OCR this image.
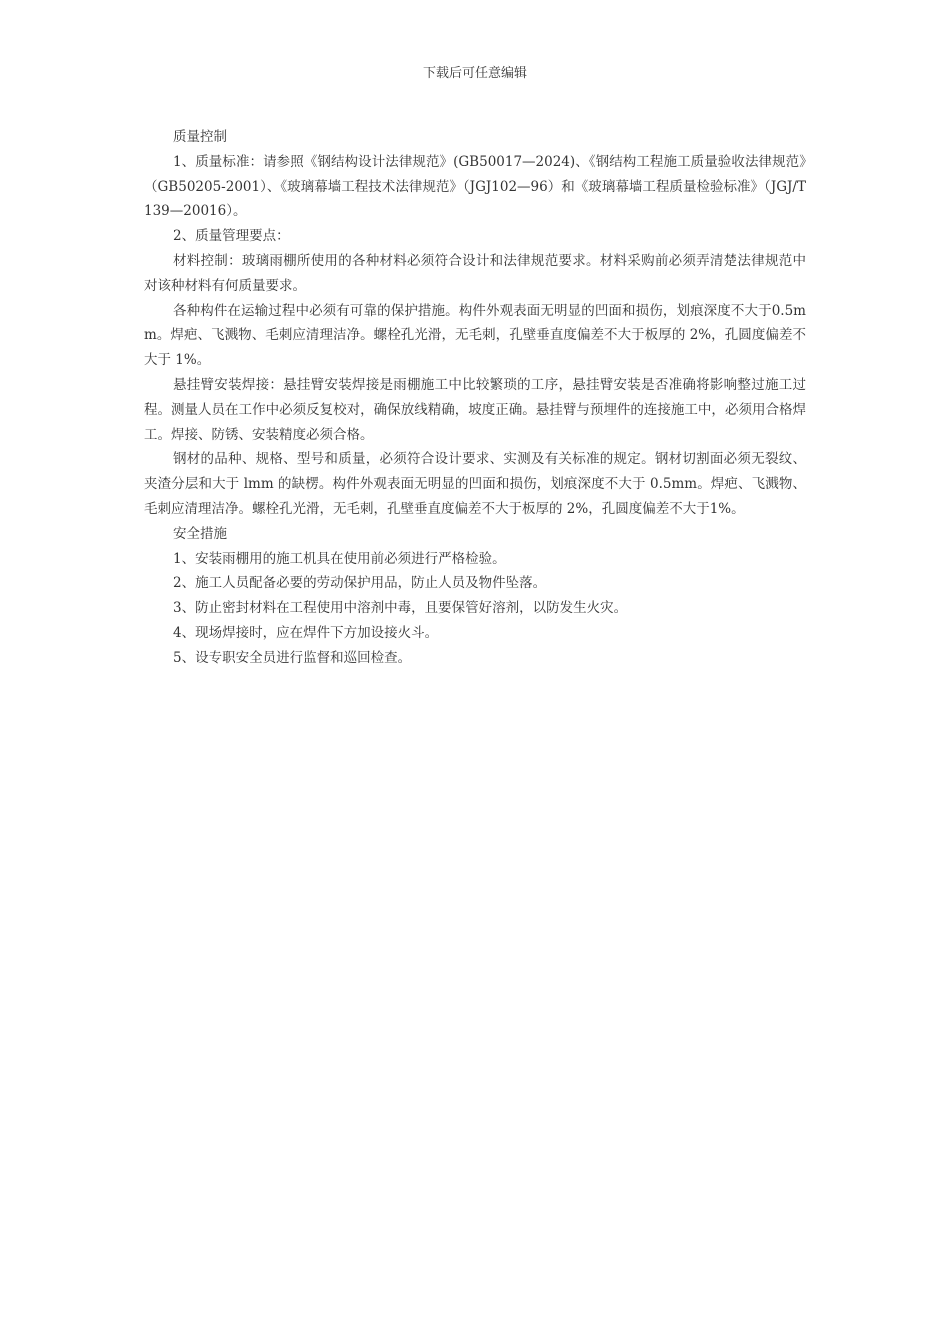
下载后可任意编辑

质量控制

1、质量标准：请参照《钢结构设计法律规范》(GB50017—2024)、《钢结构工程施工质量验收法律规范》（GB50205-2001）、《玻璃幕墙工程技术法律规范》（JGJ102—96）和《玻璃幕墙工程质量检验标准》（JGJ/T139—20016）。

2、质量管理要点：

材料控制：玻璃雨棚所使用的各种材料必须符合设计和法律规范要求。材料采购前必须弄清楚法律规范中对该种材料有何质量要求。

各种构件在运输过程中必须有可靠的保护措施。构件外观表面无明显的凹面和损伤，划痕深度不大于0.5mm。焊疤、飞溅物、毛刺应清理洁净。螺栓孔光滑，无毛刺，孔壁垂直度偏差不大于板厚的 2%，孔圆度偏差不大于 1%。

悬挂臂安装焊接：悬挂臂安装焊接是雨棚施工中比较繁琐的工序，悬挂臂安装是否准确将影响整过施工过程。测量人员在工作中必须反复校对，确保放线精确，坡度正确。悬挂臂与预埋件的连接施工中，必须用合格焊工。焊接、防锈、安装精度必须合格。

钢材的品种、规格、型号和质量，必须符合设计要求、实测及有关标准的规定。钢材切割面必须无裂纹、夹渣分层和大于 lmm 的缺楞。构件外观表面无明显的凹面和损伤，划痕深度不大于 0.5mm。焊疤、飞溅物、毛刺应清理洁净。螺栓孔光滑，无毛刺，孔壁垂直度偏差不大于板厚的 2%，孔圆度偏差不大于1%。

安全措施

1、安装雨棚用的施工机具在使用前必须进行严格检验。

2、施工人员配备必要的劳动保护用品，防止人员及物件坠落。

3、防止密封材料在工程使用中溶剂中毒，且要保管好溶剂，以防发生火灾。

4、现场焊接时，应在焊件下方加设接火斗。

5、设专职安全员进行监督和巡回检查。
